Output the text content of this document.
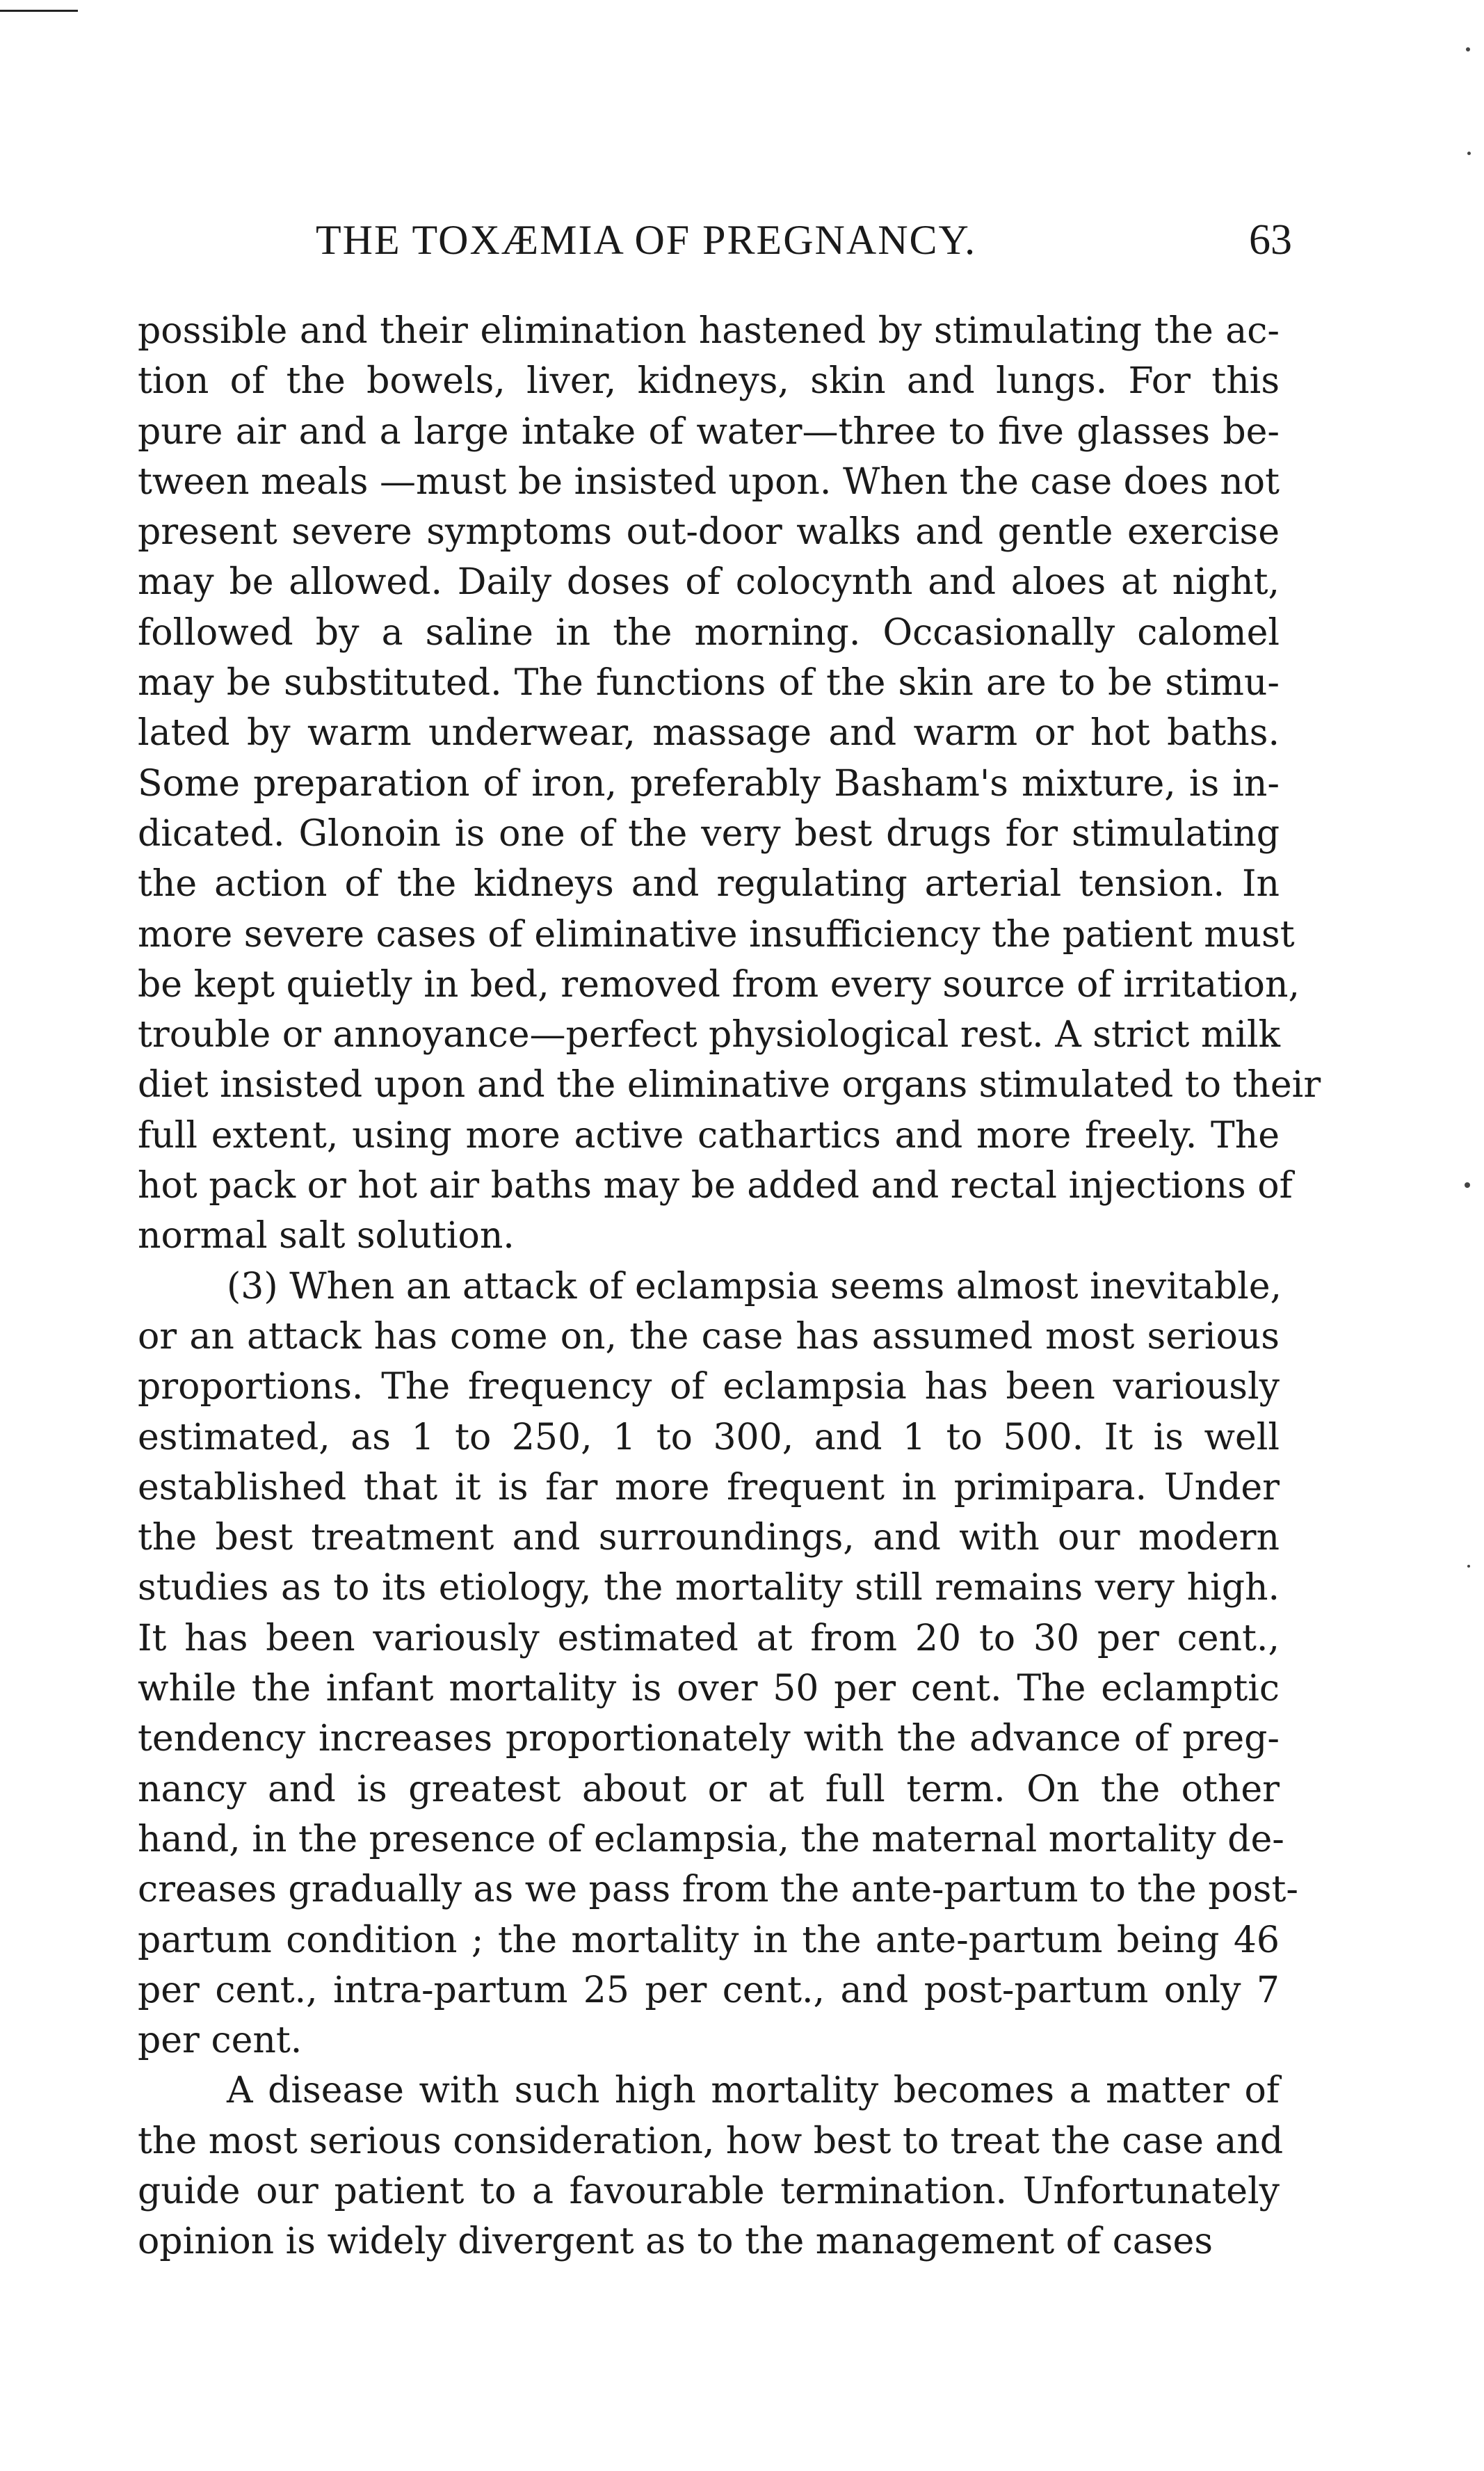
THE TOXÆMIA OF PREGNANCY.	63
possible and their elimination hastened by stimulating the ac-
tion of the bowels, liver, kidneys, skin and lungs. For this
pure air and a large intake of water—three to five glasses be-
tween meals —must be insisted upon. When the case does not
present severe symptoms out-door walks and gentle exercise
may be allowed. Daily doses of colocynth and aloes at night,
followed by a saline in the morning. Occasionally calomel
may be substituted. The functions of the skin are to be stimu-
lated by warm underwear, massage and warm or hot baths.
Some preparation of iron, preferably Basham's mixture, is in-
dicated. Glonoin is one of the very best drugs for stimulating
the action of the kidneys and regulating arterial tension. In
more severe cases of eliminative insufficiency the patient must
be kept quietly in bed, removed from every source of irritation,
trouble or annoyance—perfect physiological rest. A strict milk
diet insisted upon and the eliminative organs stimulated to their
full extent, using more active cathartics and more freely. The
hot pack or hot air baths may be added and rectal injections of
normal salt solution.
(3) When an attack of eclampsia seems almost inevitable,
or an attack has come on, the case has assumed most serious
proportions. The frequency of eclampsia has been variously
estimated, as 1 to 250, 1 to 300, and 1 to 500. It is well
established that it is far more frequent in primipara. Under
the best treatment and surroundings, and with our modern
studies as to its etiology, the mortality still remains very high.
It has been variously estimated at from 20 to 30 per cent.,
while the infant mortality is over 50 per cent. The eclamptic
tendency increases proportionately with the advance of preg-
nancy and is greatest about or at full term. On the other
hand, in the presence of eclampsia, the maternal mortality de-
creases gradually as we pass from the ante-partum to the post-
partum condition ; the mortality in the ante-partum being 46
per cent., intra-partum 25 per cent., and post-partum only 7
per cent.
A disease with such high mortality becomes a matter of
the most serious consideration, how best to treat the case and
guide our patient to a favourable termination. Unfortunately
opinion is widely divergent as to the management of cases
